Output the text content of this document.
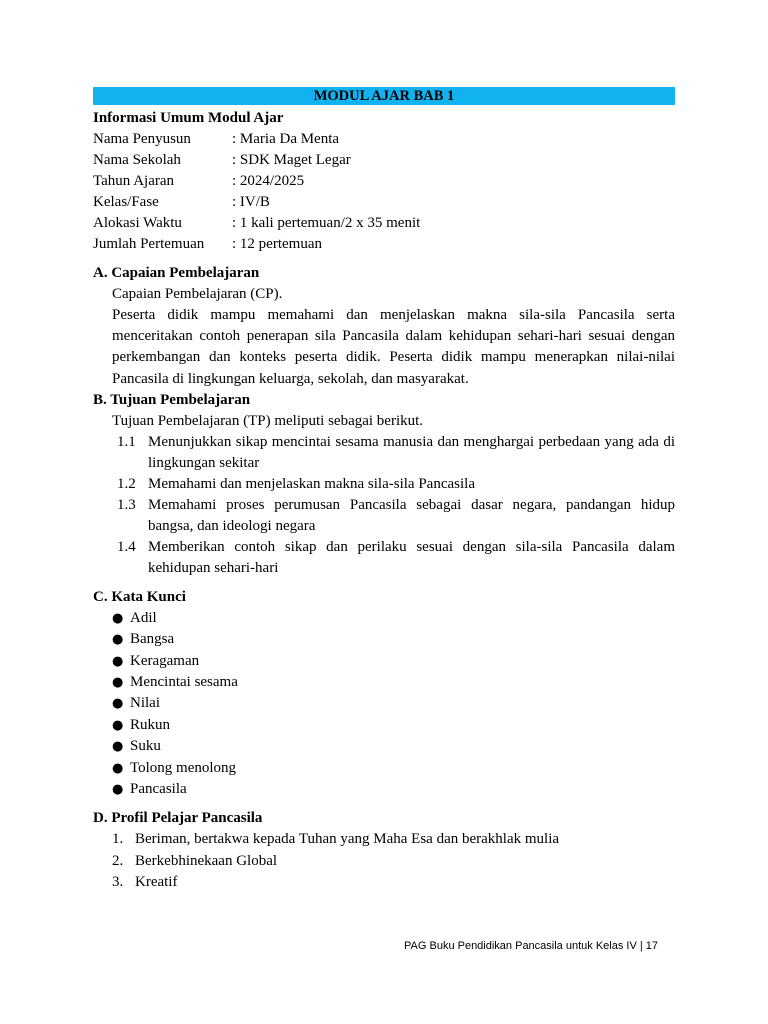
MODUL AJAR BAB 1
Informasi Umum Modul Ajar
Nama Penyusun	: Maria Da Menta
Nama Sekolah	: SDK Maget Legar
Tahun Ajaran	: 2024/2025
Kelas/Fase	: IV/B
Alokasi Waktu	: 1 kali pertemuan/2 x 35 menit
Jumlah Pertemuan	: 12 pertemuan
A. Capaian Pembelajaran
Capaian Pembelajaran (CP).
Peserta didik mampu memahami dan menjelaskan makna sila-sila Pancasila serta menceritakan contoh penerapan sila Pancasila dalam kehidupan sehari-hari sesuai dengan perkembangan dan konteks peserta didik. Peserta didik mampu menerapkan nilai-nilai Pancasila di lingkungan keluarga, sekolah, dan masyarakat.
B. Tujuan Pembelajaran
Tujuan Pembelajaran (TP) meliputi sebagai berikut.
1.1 Menunjukkan sikap mencintai sesama manusia dan menghargai perbedaan yang ada di lingkungan sekitar
1.2 Memahami dan menjelaskan makna sila-sila Pancasila
1.3 Memahami proses perumusan Pancasila sebagai dasar negara, pandangan hidup bangsa, dan ideologi negara
1.4 Memberikan contoh sikap dan perilaku sesuai dengan sila-sila Pancasila dalam kehidupan sehari-hari
C. Kata Kunci
● Adil
● Bangsa
● Keragaman
● Mencintai sesama
● Nilai
● Rukun
● Suku
● Tolong menolong
● Pancasila
D. Profil Pelajar Pancasila
1. Beriman, bertakwa kepada Tuhan yang Maha Esa dan berakhlak mulia
2. Berkebhinekaan Global
3. Kreatif
PAG Buku Pendidikan Pancasila untuk Kelas IV | 17
